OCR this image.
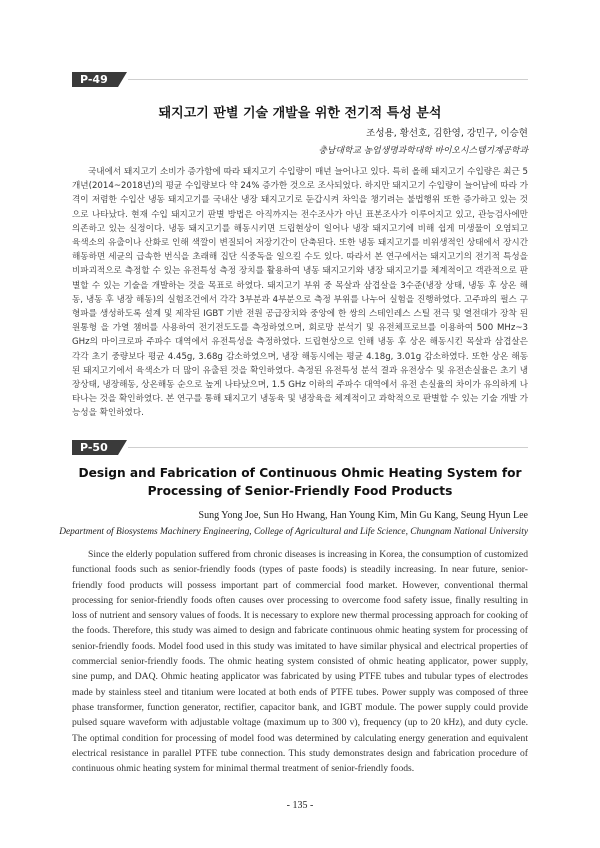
P-49
돼지고기 판별 기술 개발을 위한 전기적 특성 분석
조성용, 황선호, 김한영, 강민구, 이승현
충남대학교 농업생명과학대학 바이오시스템기계공학과

국내에서 돼지고기 소비가 증가함에 따라 돼지고기 수입량이 매년 늘어나고 있다. 특히 올해 돼지고기 수입량은 최근 5개년(2014~2018년)의 평균 수입량보다 약 24% 증가한 것으로 조사되었다. 하지만 돼지고기 수입량이 늘어남에 따라 가격이 저렴한 수입산 냉동 돼지고기를 국내산 냉장 돼지고기로 둔갑시켜 차익을 챙기려는 불법행위 또한 증가하고 있는 것으로 나타났다. 현재 수입 돼지고기 판별 방법은 아직까지는 전수조사가 아닌 표본조사가 이루어지고 있고, 관능검사에만 의존하고 있는 실정이다. 냉동 돼지고기를 해동시키면 드립현상이 일어나 냉장 돼지고기에 비해 쉽게 미생물이 오염되고 육색소의 유출이나 산화로 인해 색깔이 변질되어 저장기간이 단축된다. 또한 냉동 돼지고기를 비위생적인 상태에서 장시간 해동하면 세균의 급속한 번식을 초래해 집단 식중독을 일으킬 수도 있다. 따라서 본 연구에서는 돼지고기의 전기적 특성을 비파괴적으로 측정할 수 있는 유전특성 측정 장치를 활용하여 냉동 돼지고기와 냉장 돼지고기를 체계적이고 객관적으로 판별할 수 있는 기술을 개발하는 것을 목표로 하였다. 돼지고기 부위 중 목살과 삼겹살을 3수준(냉장 상태, 냉동 후 상온 해동, 냉동 후 냉장 해동)의 실험조건에서 각각 3부분과 4부분으로 측정 부위를 나누어 실험을 진행하였다. 고주파의 펄스 구형파를 생성하도록 설계 및 제작된 IGBT 기반 전원 공급장치와 중앙에 한 쌍의 스테인레스 스틸 전극 및 열전대가 장착 된 원통형 을 가열 챔버를 사용하여 전기전도도를 측정하였으며, 회로망 분석기 및 유전체프로브를 이용하여 500 MHz~3 GHz의 마이크로파 주파수 대역에서 유전특성을 측정하였다. 드립현상으로 인해 냉동 후 상온 해동시킨 목살과 삼겹살은 각각 초기 중량보다 평균 4.45g, 3.68g 감소하였으며, 냉장 해동시에는 평균 4.18g, 3.01g 감소하였다. 또한 상온 해동된 돼지고기에서 육색소가 더 많이 유출된 것을 확인하였다. 측정된 유전특성 분석 결과 유전상수 및 유전손실율은 초기 냉장상태, 냉장해동, 상온해동 순으로 높게 나타났으며, 1.5 GHz 이하의 주파수 대역에서 유전 손실율의 차이가 유의하게 나타나는 것을 확인하였다. 본 연구를 통해 돼지고기 냉동육 및 냉장육을 체계적이고 과학적으로 판별할 수 있는 기술 개발 가능성을 확인하였다.

P-50
Design and Fabrication of Continuous Ohmic Heating System for
Processing of Senior-Friendly Food Products
Sung Yong Joe, Sun Ho Hwang, Han Young Kim, Min Gu Kang, Seung Hyun Lee
Department of Biosystems Machinery Engineering, College of Agricultural and Life Science, Chungnam National University

Since the elderly population suffered from chronic diseases is increasing in Korea, the consumption of customized functional foods such as senior-friendly foods (types of paste foods) is steadily increasing. In near future, senior-friendly food products will possess important part of commercial food market. However, conventional thermal processing for senior-friendly foods often causes over processing to overcome food safety issue, finally resulting in loss of nutrient and sensory values of foods. It is necessary to explore new thermal processing approach for cooking of the foods. Therefore, this study was aimed to design and fabricate continuous ohmic heating system for processing of senior-friendly foods. Model food used in this study was imitated to have similar physical and electrical properties of commercial senior-friendly foods. The ohmic heating system consisted of ohmic heating applicator, power supply, sine pump, and DAQ. Ohmic heating applicator was fabricated by using PTFE tubes and tubular types of electrodes made by stainless steel and titanium were located at both ends of PTFE tubes. Power supply was composed of three phase transformer, function generator, rectifier, capacitor bank, and IGBT module. The power supply could provide pulsed square waveform with adjustable voltage (maximum up to 300 v), frequency (up to 20 kHz), and duty cycle. The optimal condition for processing of model food was determined by calculating energy generation and equivalent electrical resistance in parallel PTFE tube connection. This study demonstrates design and fabrication procedure of continuous ohmic heating system for minimal thermal treatment of senior-friendly foods.

- 135 -
